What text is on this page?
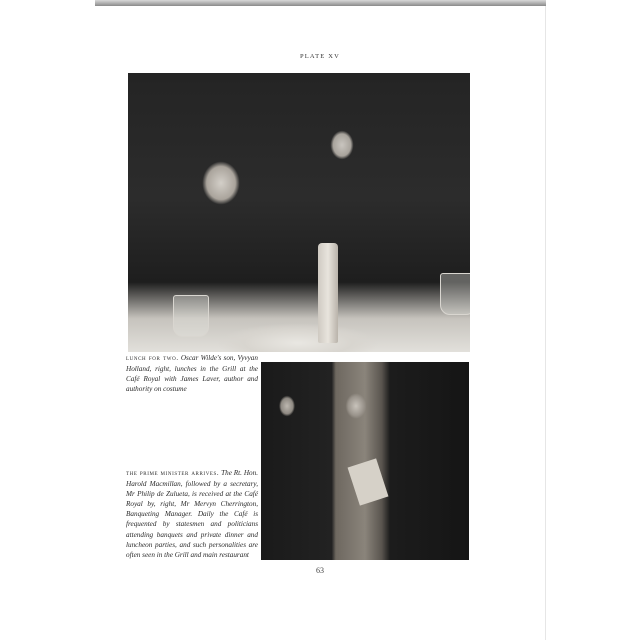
PLATE XV
lunch for two. Oscar Wilde's son, Vyvyan Holland, right, lunches in the Grill at the Café Royal with James Laver, author and authority on costume
the prime minister arrives. The Rt. Hon. Harold Macmillan, followed by a secretary, Mr Philip de Zulueta, is received at the Café Royal by, right, Mr Mervyn Cherrington, Banqueting Manager. Daily the Café is frequented by statesmen and politicians attending banquets and private dinner and luncheon parties, and such personalities are often seen in the Grill and main restaurant
63
